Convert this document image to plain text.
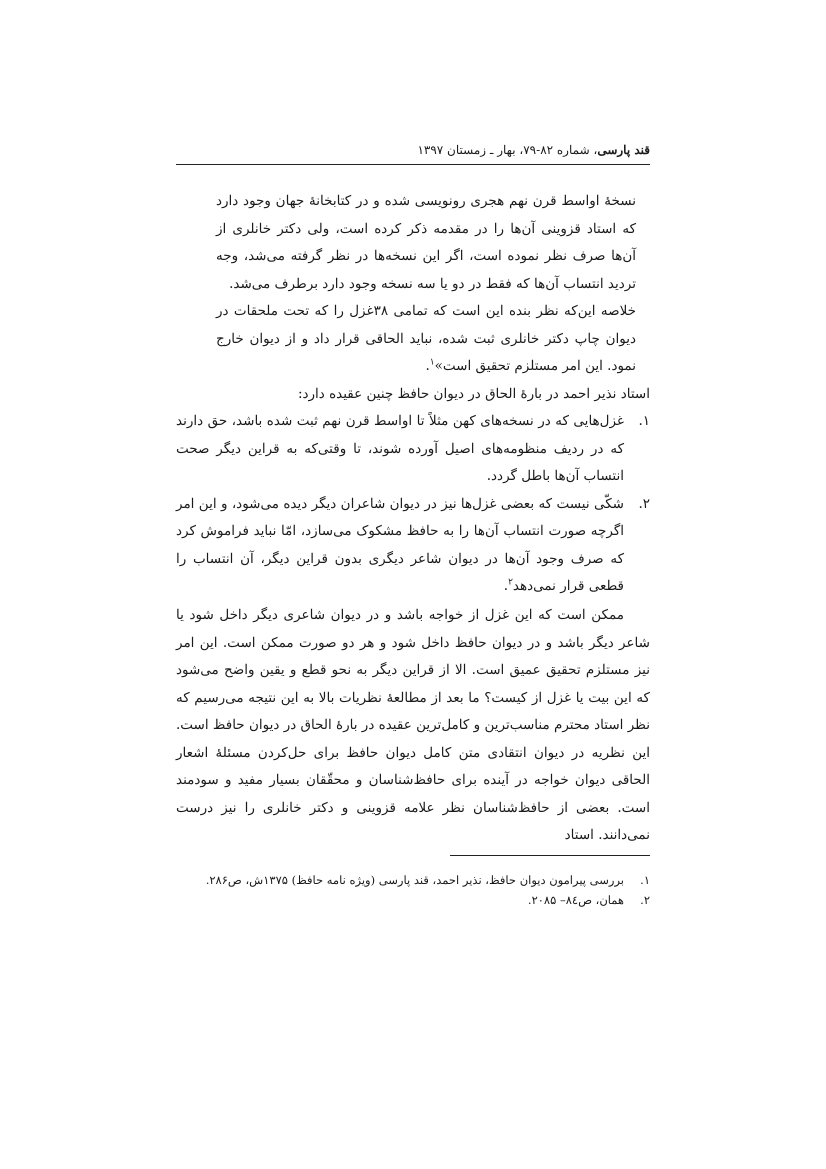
قند پارسی، شماره ۸۲-۷۹، بهار ـ زمستان ۱۳۹۷

نسخهٔ اواسط قرن نهم هجری رونویسی شده و در کتابخانهٔ جهان وجود دارد که استاد قزوینی آن‌ها را در مقدمه ذکر کرده است، ولی دکتر خانلری از آن‌ها صرف نظر نموده است، اگر این نسخه‌ها در نظر گرفته می‌شد، وجه تردید انتساب آن‌ها که فقط در دو یا سه نسخه وجود دارد برطرف می‌شد.

خلاصه این‌که نظر بنده این است که تمامی ۳۸غزل را که تحت ملحقات در دیوان چاپ دکتر خانلری ثبت شده، نباید الحاقی قرار داد و از دیوان خارج نمود. این امر مستلزم تحقیق است»$^۱$.

استاد نذیر احمد در بارهٔ الحاق در دیوان حافظ چنین عقیده دارد:

۱.
غزل‌هایی که در نسخه‌های کهن مثلاً تا اواسط قرن نهم ثبت شده باشد، حق دارند که در ردیف منظومه‌های اصیل آورده شوند، تا وقتی‌که به قراین دیگر صحت انتساب آن‌ها باطل گردد.
۲.
شکّی نیست که بعضی غزل‌ها نیز در دیوان شاعران دیگر دیده می‌شود، و این امر اگرچه صورت انتساب آن‌ها را به حافظ مشکوک می‌سازد، امّا نباید فراموش کرد که صرف وجود آن‌ها در دیوان شاعر دیگری بدون قراین دیگر، آن انتساب را قطعی قرار نمی‌دهد$^۲$.

ممکن است که این غزل از خواجه باشد و در دیوان شاعری دیگر داخل شود یا شاعر دیگر باشد و در دیوان حافظ داخل شود و هر دو صورت ممکن است. این امر نیز مستلزم تحقیق عمیق است. الا از قراین دیگر به نحو قطع و یقین واضح می‌شود که این بیت یا غزل از کیست؟ ما بعد از مطالعهٔ نظریات بالا به این نتیجه می‌رسیم که نظر استاد محترم مناسب‌ترین و کامل‌ترین عقیده در بارهٔ الحاق در دیوان حافظ است. این نظریه در دیوان انتقادی متن کامل دیوان حافظ برای حل‌کردن مسئلهٔ اشعار الحاقی دیوان خواجه در آینده برای حافظ‌شناسان و محقّقان بسیار مفید و سودمند است. بعضی از حافظ‌شناسان نظر علامه قزوینی و دکتر خانلری را نیز درست نمی‌دانند. استاد

۱.
بررسی پیرامون دیوان حافظ، نذیر احمد، قند پارسی (ویژه نامه حافظ) ۱۳۷۵ش، ص۲۸۶.
۲.
همان، ص۸٤– ۲۰۸۵.
